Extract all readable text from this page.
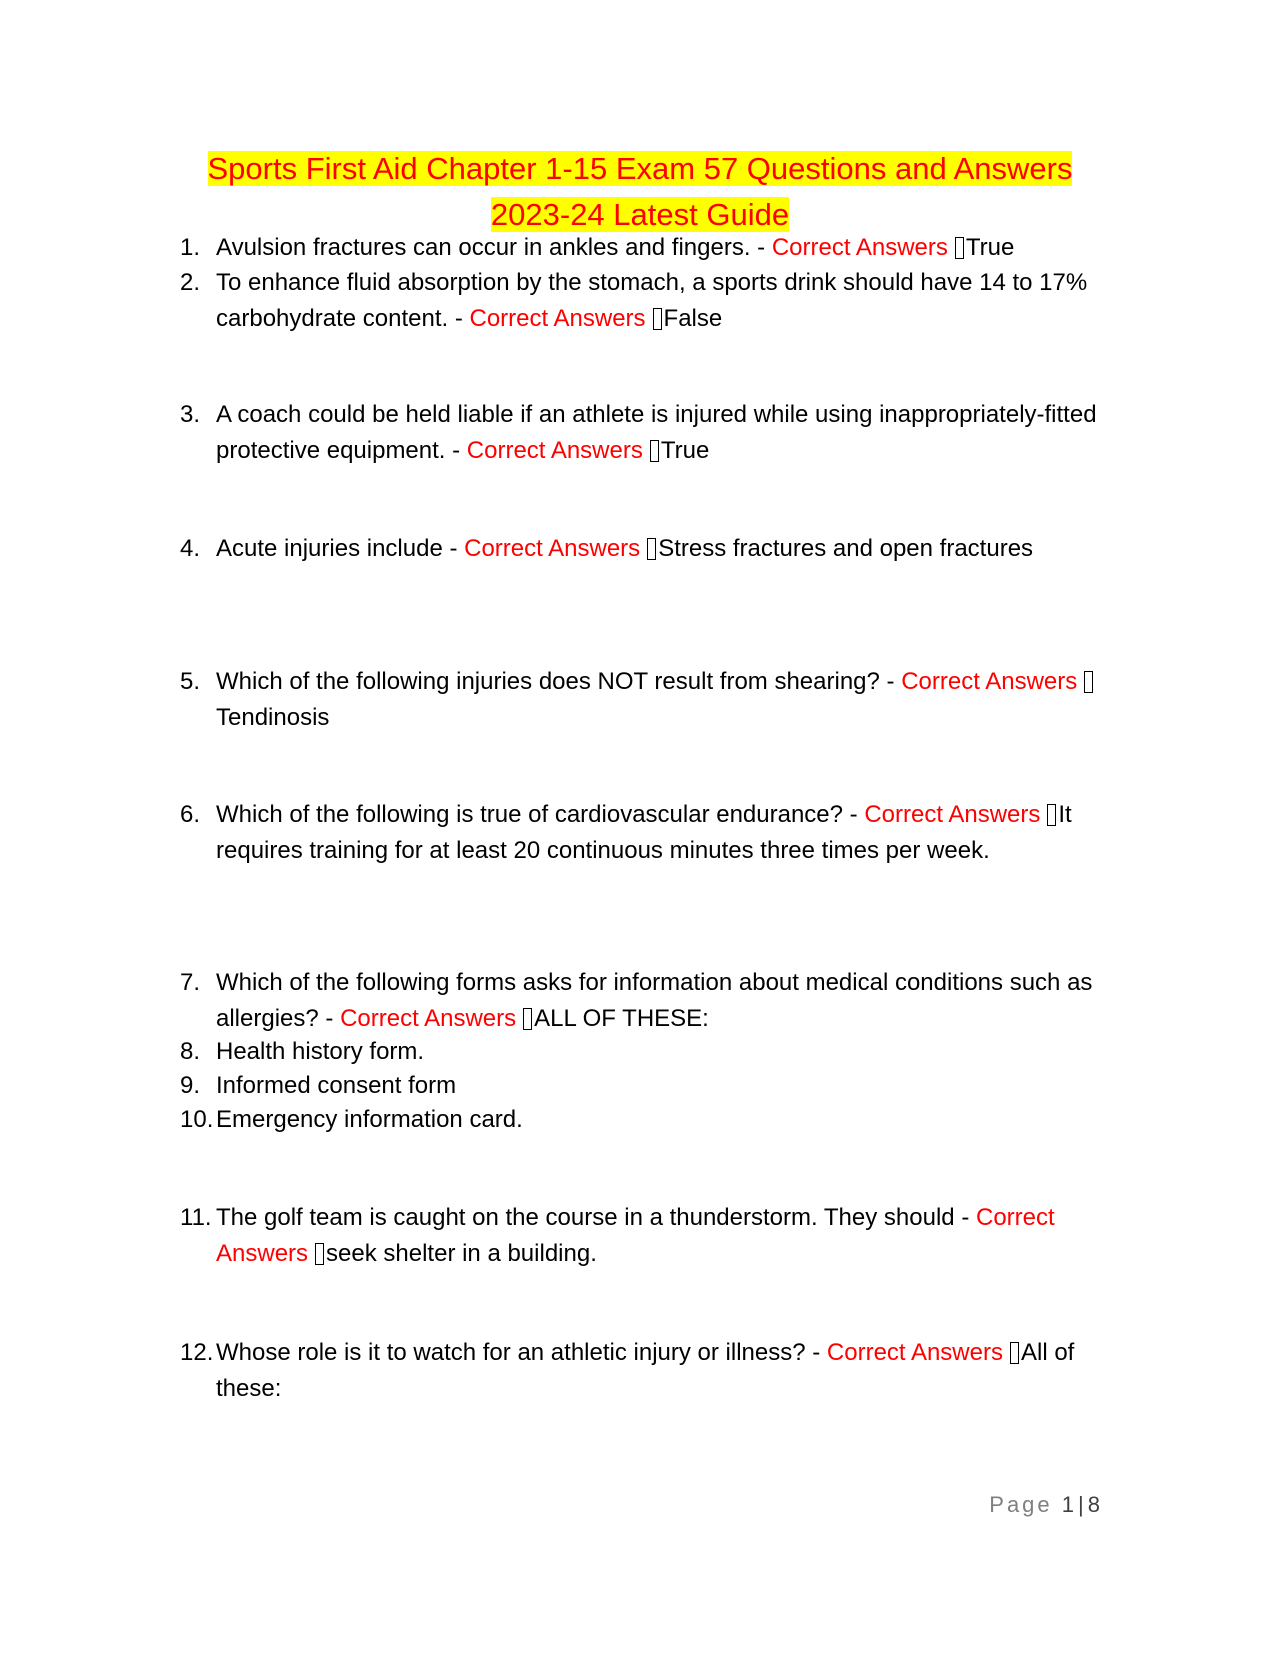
Sports First Aid Chapter 1-15 Exam 57 Questions and Answers
2023-24 Latest Guide

1. Avulsion fractures can occur in ankles and fingers. - Correct Answers True

2. To enhance fluid absorption by the stomach, a sports drink should have 14 to 17% carbohydrate content. - Correct Answers False

3. A coach could be held liable if an athlete is injured while using inappropriately-fitted protective equipment. - Correct Answers True

4. Acute injuries include - Correct Answers Stress fractures and open fractures

5. Which of the following injuries does NOT result from shearing? - Correct AnswersTendinosis

6. Which of the following is true of cardiovascular endurance? - Correct Answers It requires training for at least 20 continuous minutes three times per week.

7. Which of the following forms asks for information about medical conditions such as allergies? - Correct Answers ALL OF THESE:

8. Health history form.

9. Informed consent form

10. Emergency information card.

11. The golf team is caught on the course in a thunderstorm. They should - Correct Answers seek shelter in a building.

12. Whose role is it to watch for an athletic injury or illness? - Correct Answers All of these:

Page 1 | 8
